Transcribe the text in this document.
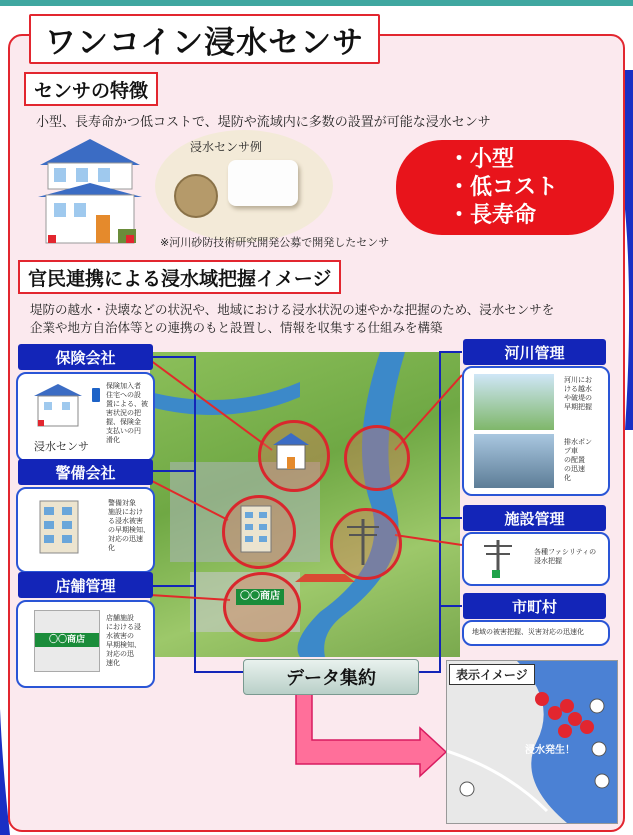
ワンコイン浸水センサ
センサの特徴
小型、長寿命かつ低コストで、堤防や流域内に多数の設置が可能な浸水センサ
浸水センサ例
※河川砂防技術研究開発公募で開発したセンサ
・小型
・低コスト
・長寿命
官民連携による浸水域把握イメージ
堤防の越水・決壊などの状況や、地域における浸水状況の速やかな把握のため、浸水センサを
企業や地方自治体等との連携のもと設置し、情報を収集する仕組みを構築
〇〇商店
保険会社
保険加入者
住宅への設
置による、被
害状況の把
握、保険金
支払いの円
滑化
浸水センサ
警備会社
警備対象
施設におけ
る浸水被害
の早期検知、
対応の迅速
化
店舗管理
〇〇商店
店舗施設
における浸
水被害の
早期検知、
対応の迅
速化
河川管理
河川にお
ける越水
や破堤の
早期把握
排水ポン
プ車
の配置
の迅速
化
施設管理
各種ファシリティの
浸水把握
市町村
地域の被害把握、災害対応の迅速化
データ集約
浸水発生！
表示イメージ
